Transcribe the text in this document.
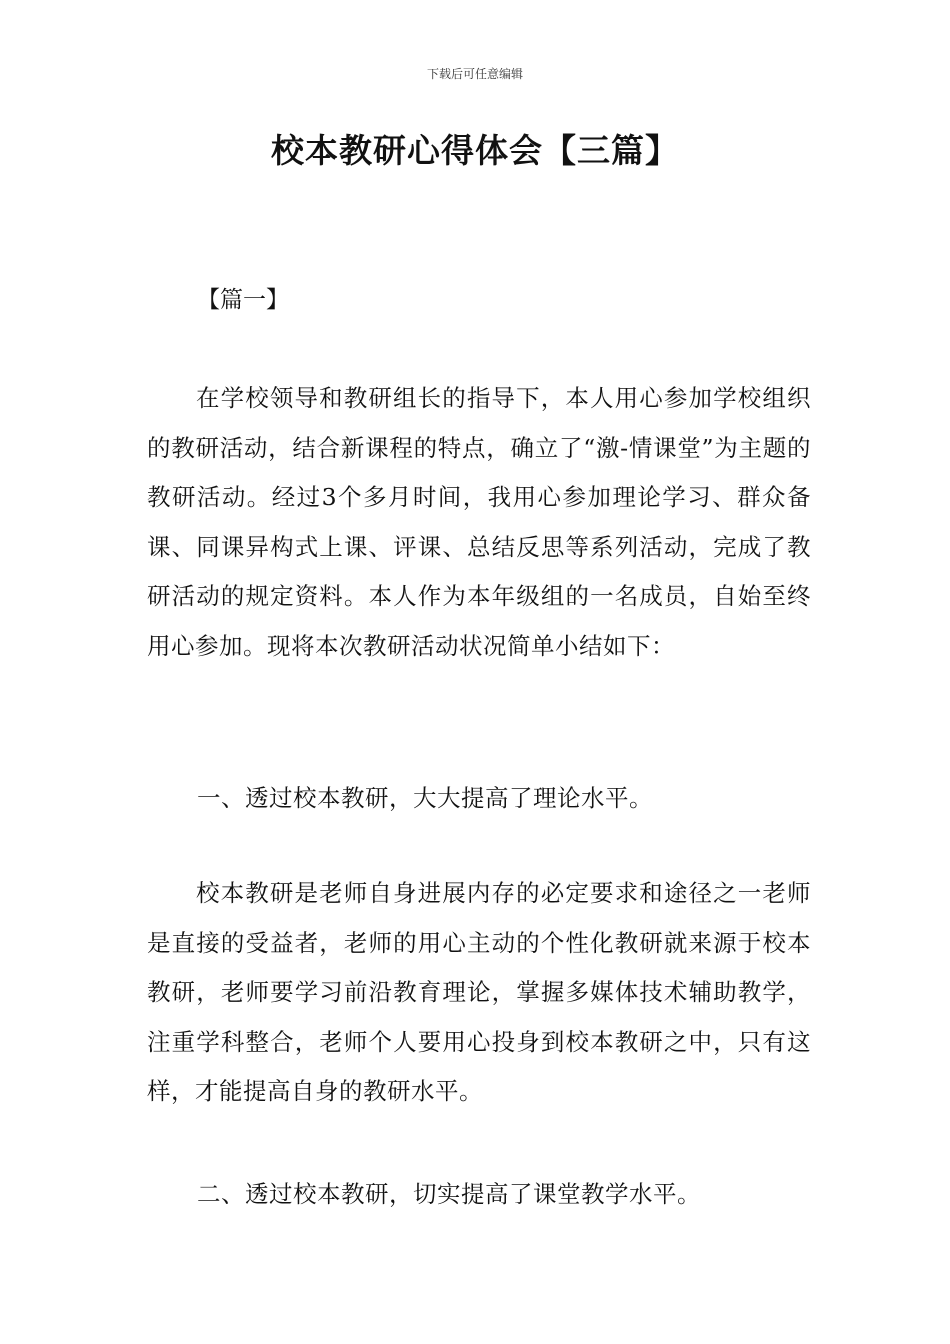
下载后可任意编辑
校本教研心得体会【三篇】
【篇一】

在学校领导和教研组长的指导下，本人用心参加学校组织的教研活动，结合新课程的特点，确立了“激-情课堂”为主题的教研活动。经过3个多月时间，我用心参加理论学习、群众备课、同课异构式上课、评课、总结反思等系列活动，完成了教研活动的规定资料。本人作为本年级组的一名成员，自始至终用心参加。现将本次教研活动状况简单小结如下：

一、透过校本教研，大大提高了理论水平。

校本教研是老师自身进展内存的必定要求和途径之一老师是直接的受益者，老师的用心主动的个性化教研就来源于校本教研，老师要学习前沿教育理论，掌握多媒体技术辅助教学，注重学科整合，老师个人要用心投身到校本教研之中，只有这样，才能提高自身的教研水平。

二、透过校本教研，切实提高了课堂教学水平。
